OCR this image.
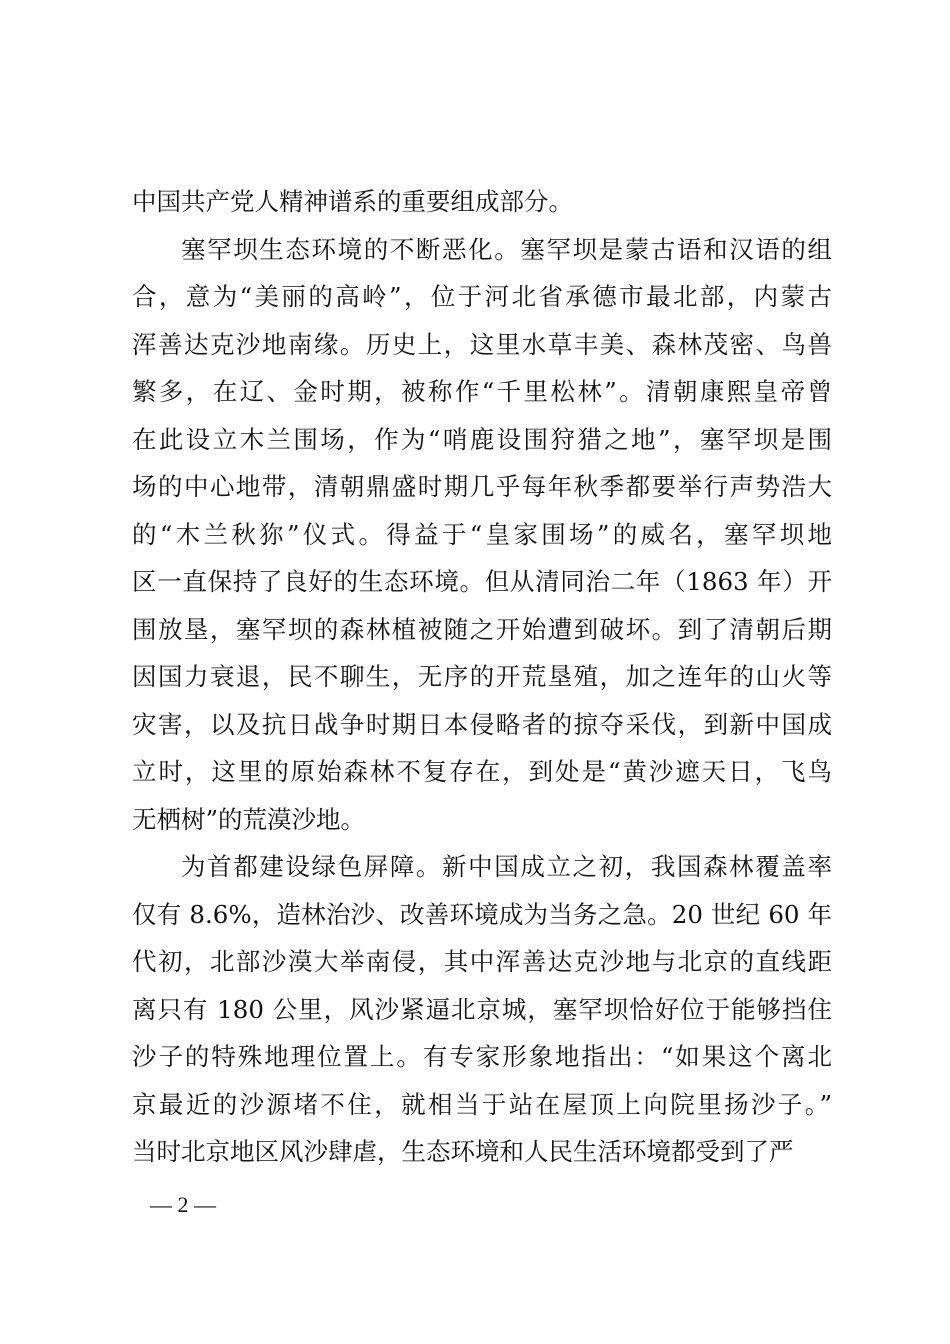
中国共产党人精神谱系的重要组成部分。
塞罕坝生态环境的不断恶化。塞罕坝是蒙古语和汉语的组
合，意为“美丽的高岭”，位于河北省承德市最北部，内蒙古
浑善达克沙地南缘。历史上，这里水草丰美、森林茂密、鸟兽
繁多，在辽、金时期，被称作“千里松林”。清朝康熙皇帝曾
在此设立木兰围场，作为“哨鹿设围狩猎之地”，塞罕坝是围
场的中心地带，清朝鼎盛时期几乎每年秋季都要举行声势浩大
的“木兰秋狝”仪式。得益于“皇家围场”的威名，塞罕坝地
区一直保持了良好的生态环境。但从清同治二年（1863 年）开
围放垦，塞罕坝的森林植被随之开始遭到破坏。到了清朝后期
因国力衰退，民不聊生，无序的开荒垦殖，加之连年的山火等
灾害，以及抗日战争时期日本侵略者的掠夺采伐，到新中国成
立时，这里的原始森林不复存在，到处是“黄沙遮天日，飞鸟
无栖树”的荒漠沙地。
为首都建设绿色屏障。新中国成立之初，我国森林覆盖率
仅有 8.6%，造林治沙、改善环境成为当务之急。20 世纪 60 年
代初，北部沙漠大举南侵，其中浑善达克沙地与北京的直线距
离只有 180 公里，风沙紧逼北京城，塞罕坝恰好位于能够挡住
沙子的特殊地理位置上。有专家形象地指出：“如果这个离北
京最近的沙源堵不住，就相当于站在屋顶上向院里扬沙子。”
当时北京地区风沙肆虐，生态环境和人民生活环境都受到了严
— 2 —
